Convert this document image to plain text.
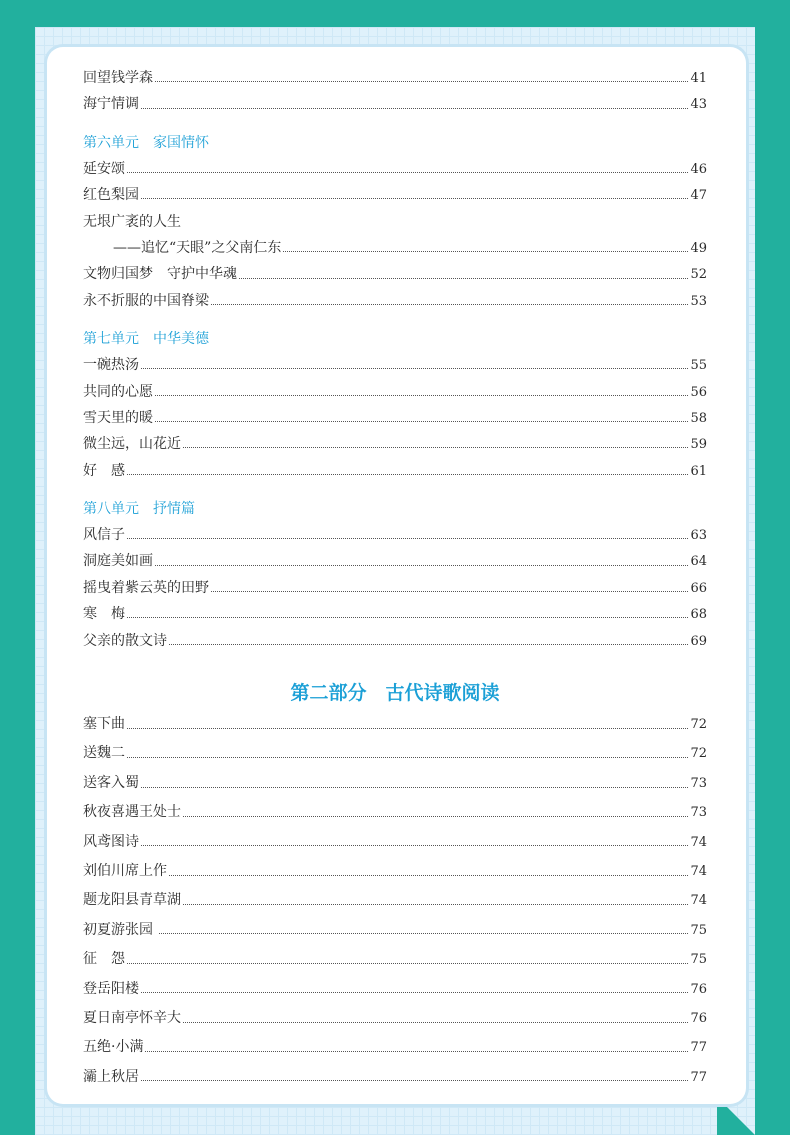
回望钱学森	41
海宁情调	43
第六单元　家国情怀
延安颂	46
红色梨园	47
无垠广袤的人生
——追忆“天眼”之父南仁东	49
文物归国梦　守护中华魂	52
永不折服的中国脊梁	53
第七单元　中华美德
一碗热汤	55
共同的心愿	56
雪天里的暖	58
微尘远，山花近	59
好　感	61
第八单元　抒情篇
风信子	63
洞庭美如画	64
摇曳着紫云英的田野	66
寒　梅	68
父亲的散文诗	69
第二部分　古代诗歌阅读
塞下曲	72
送魏二	72
送客入蜀	73
秋夜喜遇王处士	73
风鸢图诗	74
刘伯川席上作	74
题龙阳县青草湖	74
初夏游张园	75
征　怨	75
登岳阳楼	76
夏日南亭怀辛大	76
五绝·小满	77
灞上秋居	77
